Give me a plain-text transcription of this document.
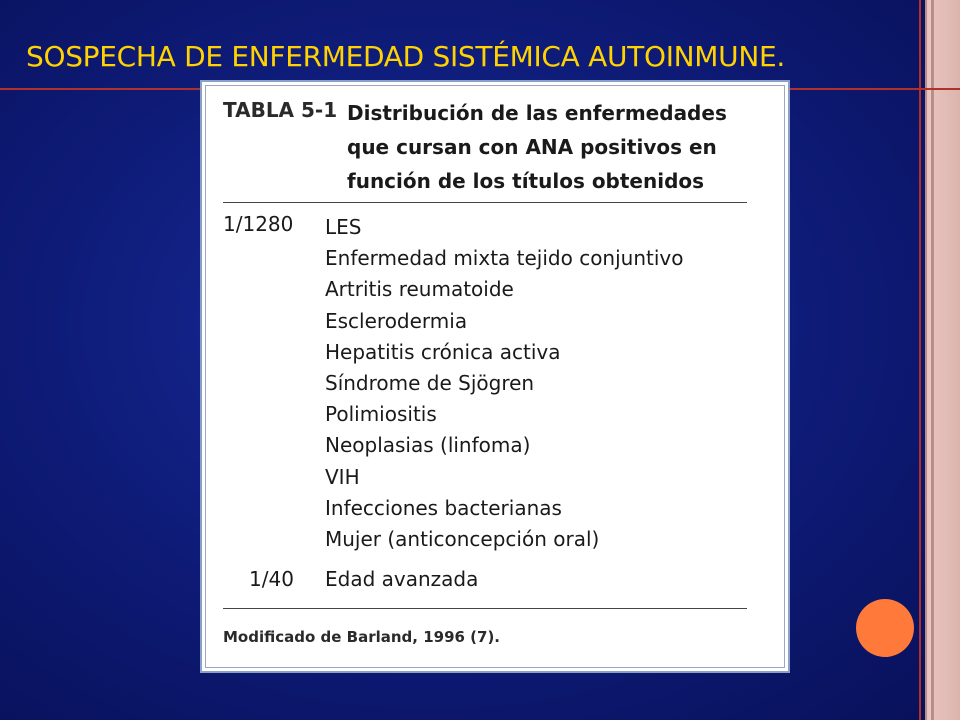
SOSPECHA DE ENFERMEDAD SISTÉMICA AUTOINMUNE.
TABLA 5-1 Distribución de las enfermedades
que cursan con ANA positivos en
función de los títulos obtenidos
1/1280 LES
Enfermedad mixta tejido conjuntivo
Artritis reumatoide
Esclerodermia
Hepatitis crónica activa
Síndrome de Sjögren
Polimiositis
Neoplasias (linfoma)
VIH
Infecciones bacterianas
Mujer (anticoncepción oral)
1/40 Edad avanzada
Modificado de Barland, 1996 (7).
